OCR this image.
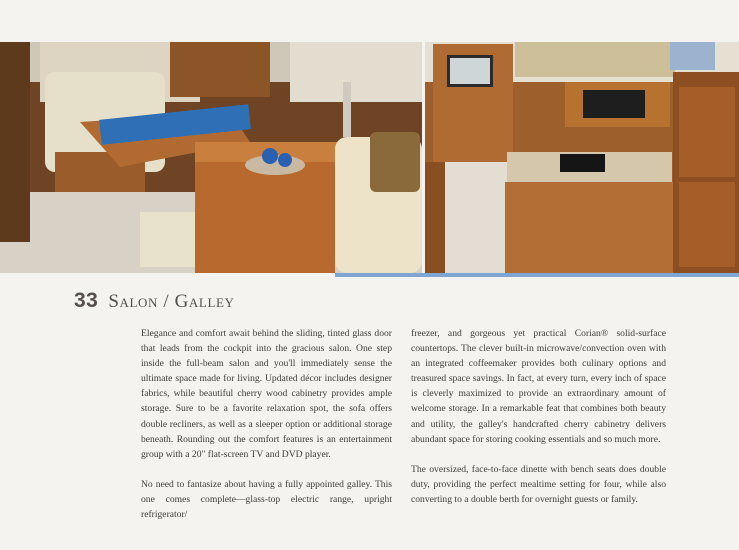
33 Salon / Galley

Elegance and comfort await behind the sliding, tinted glass door that leads from the cockpit into the gracious salon. One step inside the full-beam salon and you'll immediately sense the ultimate space made for living. Updated décor includes designer fabrics, while beautiful cherry wood cabinetry provides ample storage. Sure to be a favorite relaxation spot, the sofa offers double recliners, as well as a sleeper option or additional storage beneath. Rounding out the comfort features is an entertainment group with a 20" flat-screen TV and DVD player.

No need to fantasize about having a fully appointed galley. This one comes complete—glass-top electric range, upright refrigerator/

freezer, and gorgeous yet practical Corian® solid-surface countertops. The clever built-in microwave/convection oven with an integrated coffeemaker provides both culinary options and treasured space savings. In fact, at every turn, every inch of space is cleverly maximized to provide an extraordinary amount of welcome storage. In a remarkable feat that combines both beauty and utility, the galley's handcrafted cherry cabinetry delivers abundant space for storing cooking essentials and so much more.

The oversized, face-to-face dinette with bench seats does double duty, providing the perfect mealtime setting for four, while also converting to a double berth for overnight guests or family.
